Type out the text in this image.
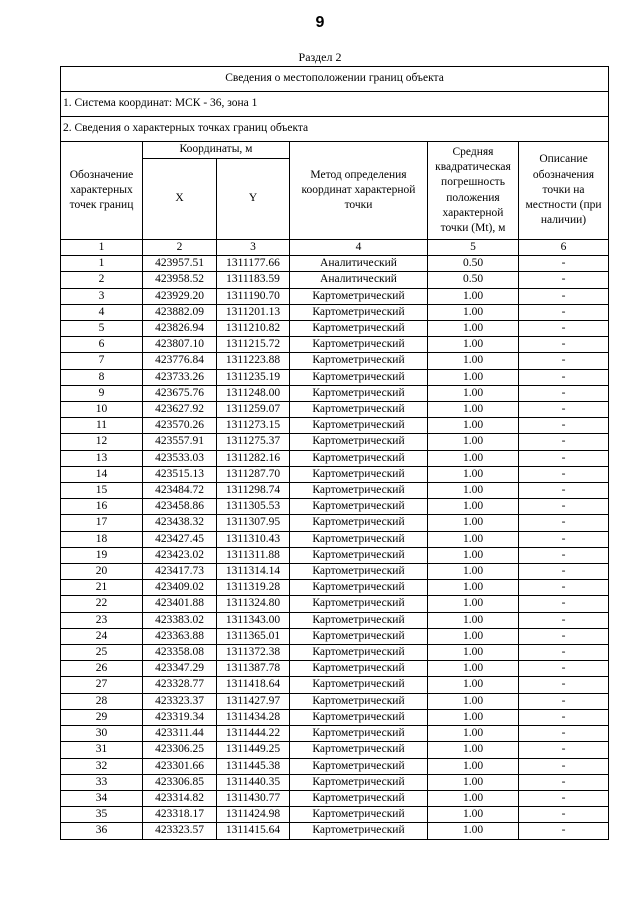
9
Раздел 2
Сведения о местоположении границ объекта					
1. Система координат: МСК - 36, зона 1					
2. Сведения о характерных точках границ объекта					
Обозначение характерных точек границ	Координаты, м		Метод определения координат характерной точки	Средняя квадратическая погрешность положения характерной точки (Mt), м	Описание обозначения точки на местности (при наличии)
	X	Y			
1	2	3	4	5	6
1	423957.51	1311177.66	Аналитический	0.50	-
2	423958.52	1311183.59	Аналитический	0.50	-
3	423929.20	1311190.70	Картометрический	1.00	-
4	423882.09	1311201.13	Картометрический	1.00	-
5	423826.94	1311210.82	Картометрический	1.00	-
6	423807.10	1311215.72	Картометрический	1.00	-
7	423776.84	1311223.88	Картометрический	1.00	-
8	423733.26	1311235.19	Картометрический	1.00	-
9	423675.76	1311248.00	Картометрический	1.00	-
10	423627.92	1311259.07	Картометрический	1.00	-
11	423570.26	1311273.15	Картометрический	1.00	-
12	423557.91	1311275.37	Картометрический	1.00	-
13	423533.03	1311282.16	Картометрический	1.00	-
14	423515.13	1311287.70	Картометрический	1.00	-
15	423484.72	1311298.74	Картометрический	1.00	-
16	423458.86	1311305.53	Картометрический	1.00	-
17	423438.32	1311307.95	Картометрический	1.00	-
18	423427.45	1311310.43	Картометрический	1.00	-
19	423423.02	1311311.88	Картометрический	1.00	-
20	423417.73	1311314.14	Картометрический	1.00	-
21	423409.02	1311319.28	Картометрический	1.00	-
22	423401.88	1311324.80	Картометрический	1.00	-
23	423383.02	1311343.00	Картометрический	1.00	-
24	423363.88	1311365.01	Картометрический	1.00	-
25	423358.08	1311372.38	Картометрический	1.00	-
26	423347.29	1311387.78	Картометрический	1.00	-
27	423328.77	1311418.64	Картометрический	1.00	-
28	423323.37	1311427.97	Картометрический	1.00	-
29	423319.34	1311434.28	Картометрический	1.00	-
30	423311.44	1311444.22	Картометрический	1.00	-
31	423306.25	1311449.25	Картометрический	1.00	-
32	423301.66	1311445.38	Картометрический	1.00	-
33	423306.85	1311440.35	Картометрический	1.00	-
34	423314.82	1311430.77	Картометрический	1.00	-
35	423318.17	1311424.98	Картометрический	1.00	-
36	423323.57	1311415.64	Картометрический	1.00	-
